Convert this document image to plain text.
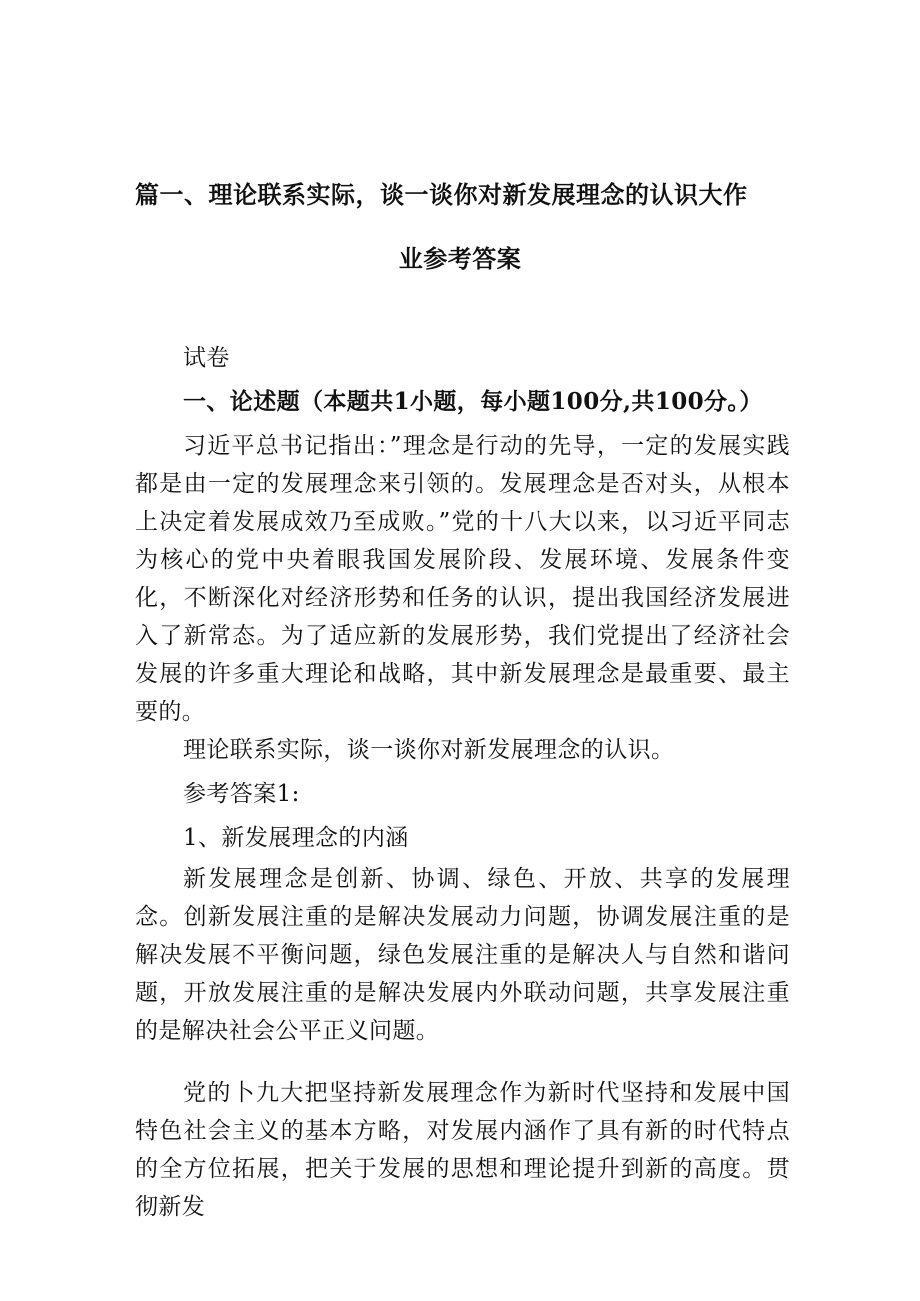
篇一、理论联系实际，谈一谈你对新发展理念的认识大作
业参考答案
试卷
一、论述题（本题共1小题，每小题100分,共100分。）
习近平总书记指出：”理念是行动的先导，一定的发展实践都是由一定的发展理念来引领的。发展理念是否对头，从根本上决定着发展成效乃至成败。”党的十八大以来，以习近平同志为核心的党中央着眼我国发展阶段、发展环境、发展条件变化，不断深化对经济形势和任务的认识，提出我国经济发展进入了新常态。为了适应新的发展形势，我们党提出了经济社会发展的许多重大理论和战略，其中新发展理念是最重要、最主要的。
理论联系实际，谈一谈你对新发展理念的认识。
参考答案1:
1、新发展理念的内涵
新发展理念是创新、协调、绿色、开放、共享的发展理念。创新发展注重的是解决发展动力问题，协调发展注重的是解决发展不平衡问题，绿色发展注重的是解决人与自然和谐问题，开放发展注重的是解决发展内外联动问题，共享发展注重的是解决社会公平正义问题。
党的卜九大把坚持新发展理念作为新时代坚持和发展中国特色社会主义的基本方略，对发展内涵作了具有新的时代特点的全方位拓展，把关于发展的思想和理论提升到新的高度。贯彻新发
